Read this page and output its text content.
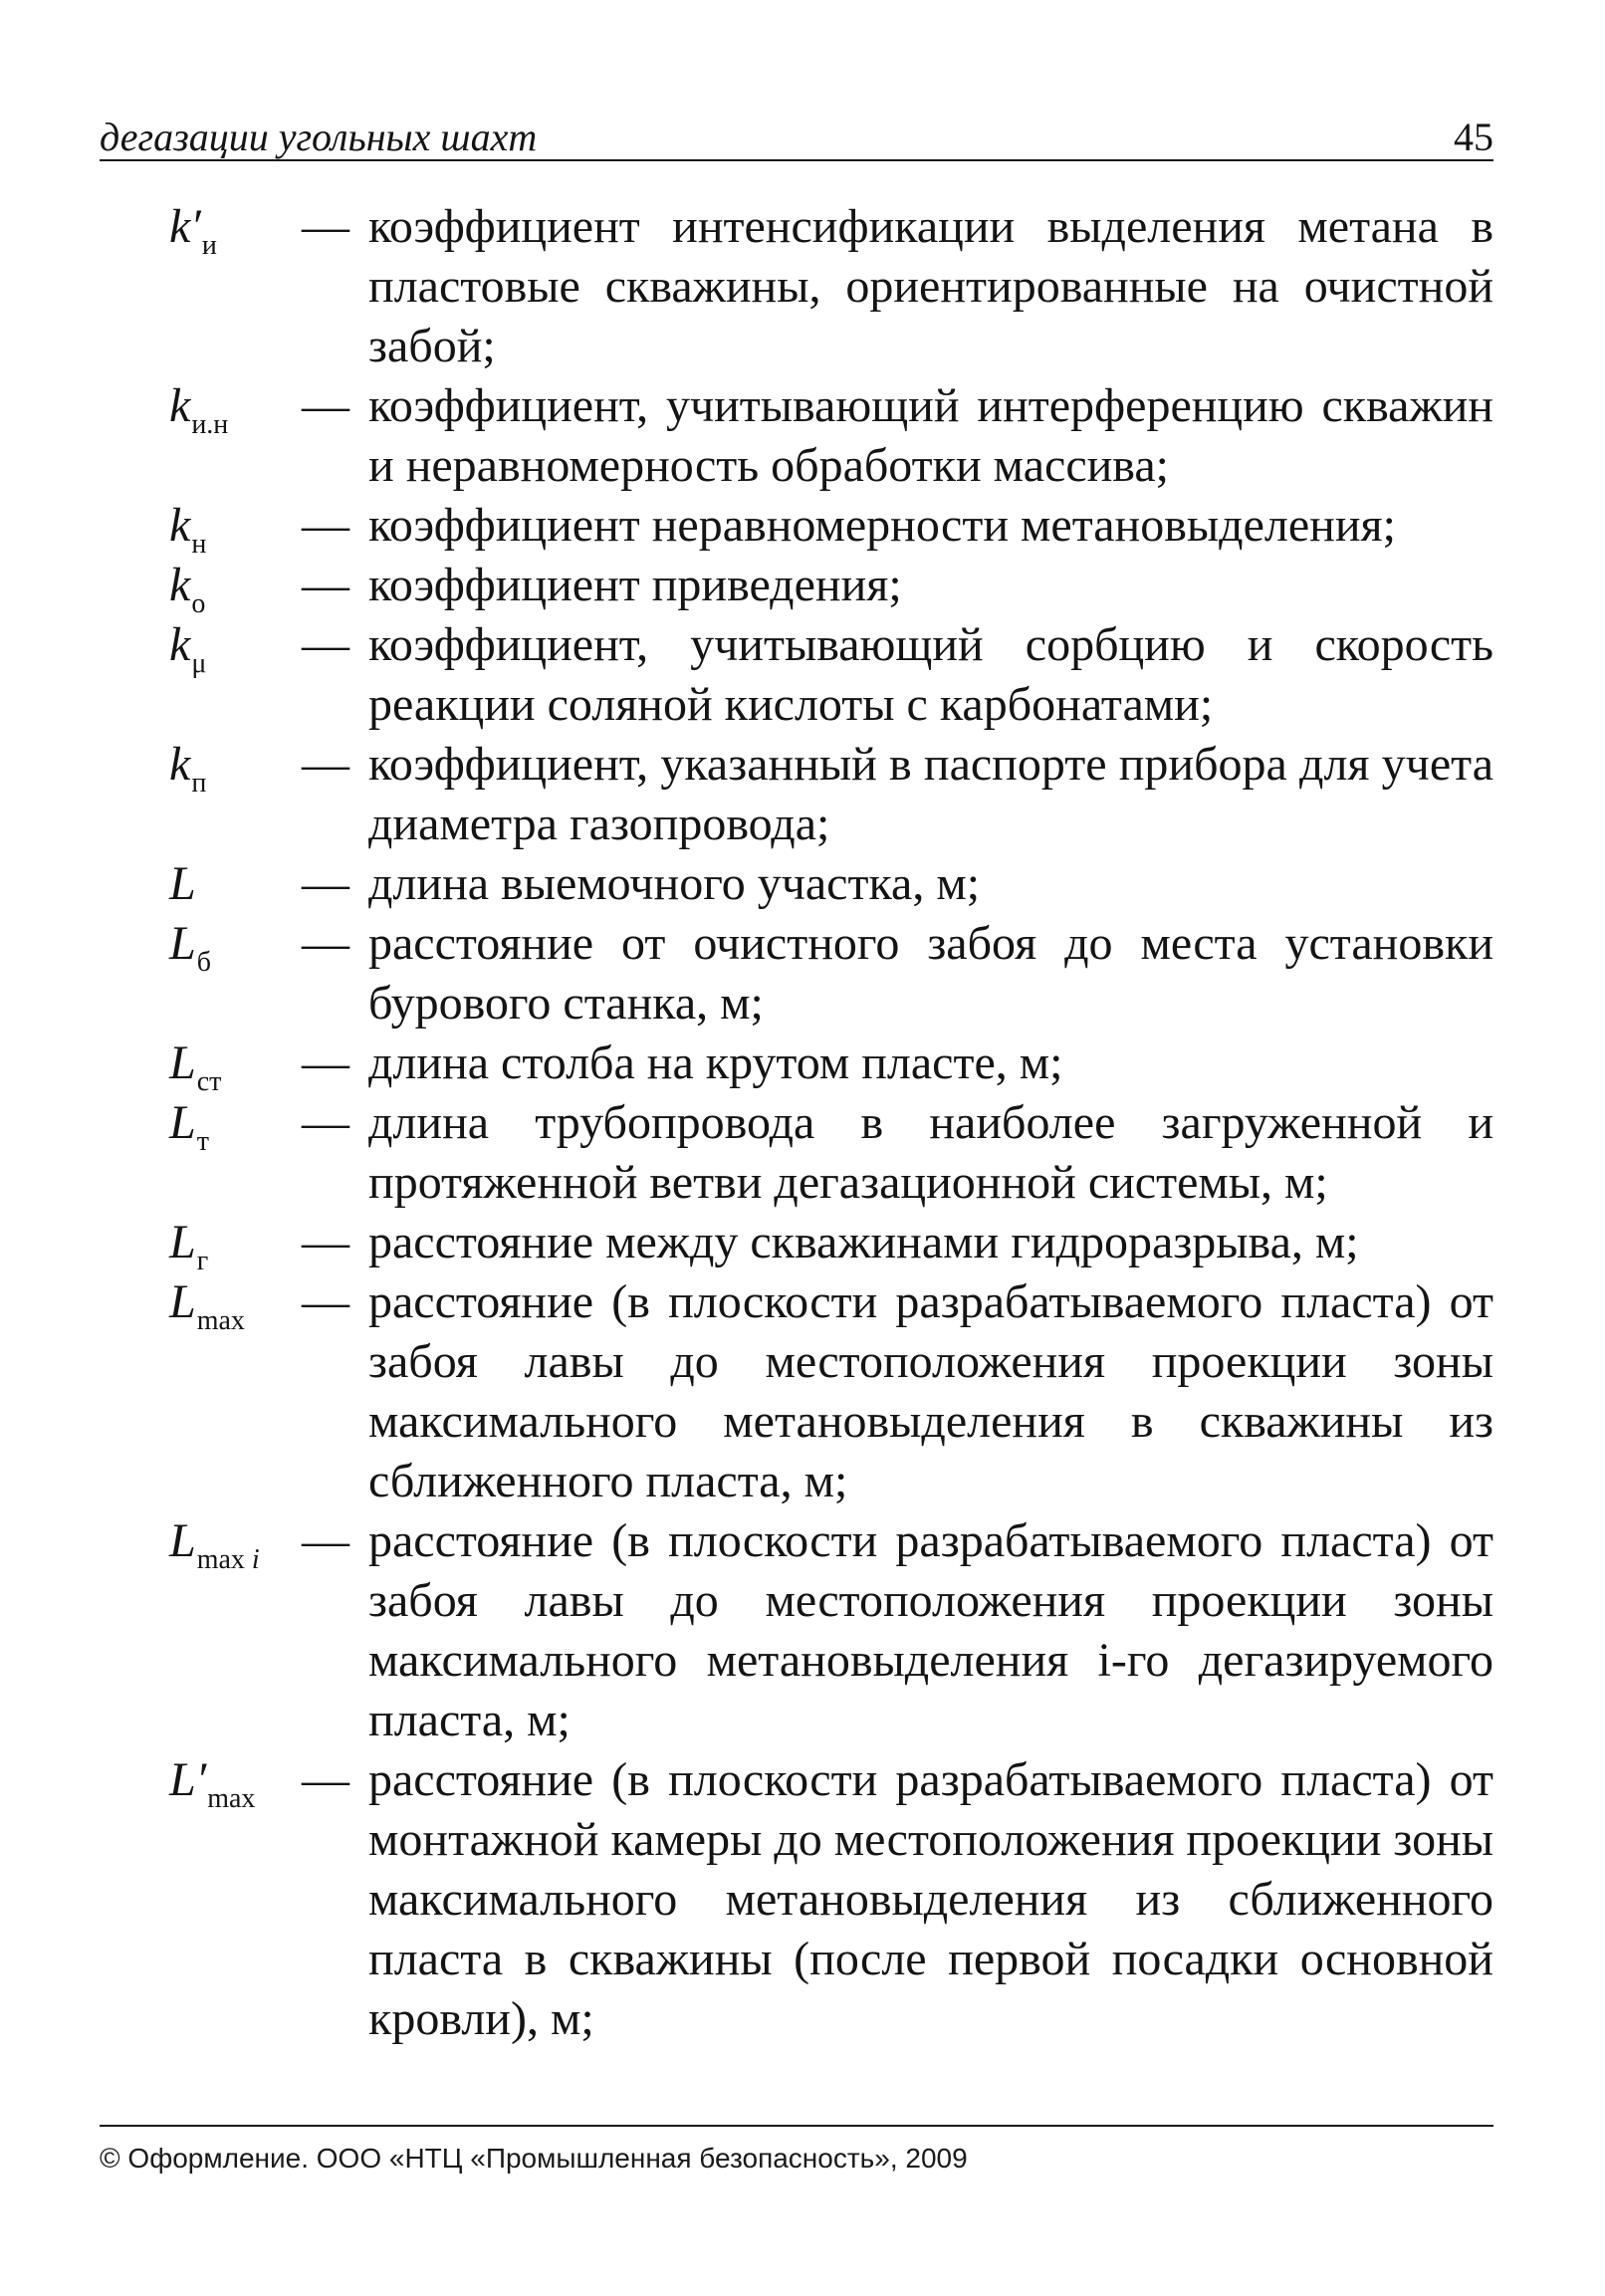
дегазации угольных шахт	45
$k'_и$	— коэффициент интенсификации выделения метана в пластовые скважины, ориентированные на очистной забой;
$k_{и.н}$	— коэффициент, учитывающий интерференцию скважин и неравномерность обработки массива;
$k_н$	— коэффициент неравномерности метановыделения;
$k_о$	— коэффициент приведения;
$k_\mu$	— коэффициент, учитывающий сорбцию и скорость реакции соляной кислоты с карбонатами;
$k_п$	— коэффициент, указанный в паспорте прибора для учета диаметра газопровода;
L	— длина выемочного участка, м;
$L_б$	— расстояние от очистного забоя до места установки бурового станка, м;
$L_{ст}$	— длина столба на крутом пласте, м;
$L_т$	— длина трубопровода в наиболее загруженной и протяженной ветви дегазационной системы, м;
$L_г$	— расстояние между скважинами гидроразрыва, м;
$L_{max}$	— расстояние (в плоскости разрабатываемого пласта) от забоя лавы до местоположения проекции зоны максимального метановыделения в скважины из сближенного пласта, м;
$L_{max i}$ — расстояние (в плоскости разрабатываемого пласта) от забоя лавы до местоположения проекции зоны максимального метановыделения i-го дегазируемого пласта, м;
$L'_{max}$ — расстояние (в плоскости разрабатываемого пласта) от монтажной камеры до местоположения проекции зоны максимального метановыделения из сближенного пласта в скважины (после первой посадки основной кровли), м;
© Оформление. ООО «НТЦ «Промышленная безопасность», 2009
